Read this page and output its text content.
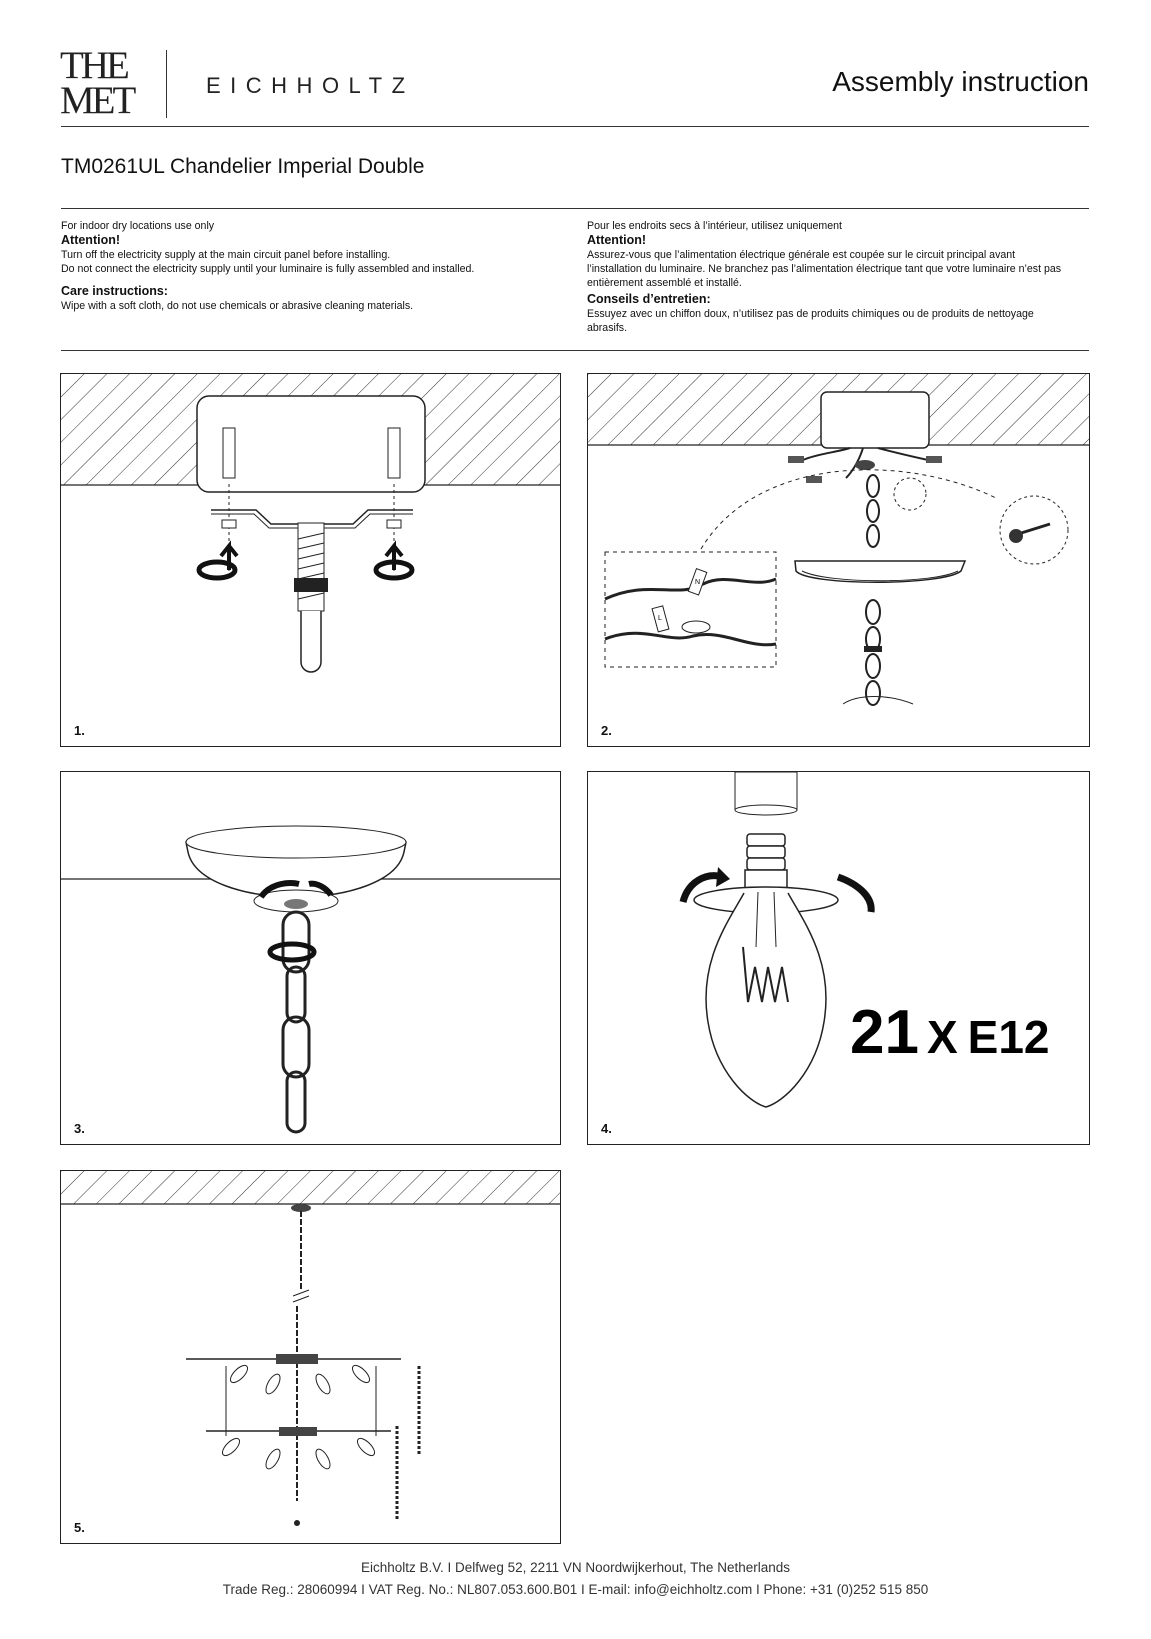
THE
MET	EICHHOLTZ	Assembly instruction
TM0261UL Chandelier Imperial Double

For indoor dry locations use only

Attention!

Turn off the electricity supply at the main circuit panel before installing.

Do not connect the electricity supply until your luminaire is fully assembled and installed.

Care instructions:

Wipe with a soft cloth, do not use chemicals or abrasive cleaning materials.

Pour les endroits secs à l’intérieur, utilisez uniquement

Attention!

Assurez-vous que l’alimentation électrique générale est coupée sur le circuit principal avant l’installation du luminaire. Ne branchez pas l’alimentation électrique tant que votre luminaire n’est pas entièrement assemblé et installé.

Conseils d’entretien:

Essuyez avec un chiffon doux, n’utilisez pas de produits chimiques ou de produits de nettoyage abrasifs.

1.
N
L
2.
3.
21 X E12
4.
5.
Eichholtz B.V. I Delfweg 52, 2211 VN Noordwijkerhout, The Netherlands
Trade Reg.: 28060994 I VAT Reg. No.: NL807.053.600.B01 I E-mail: info@eichholtz.com I Phone: +31 (0)252 515 850
